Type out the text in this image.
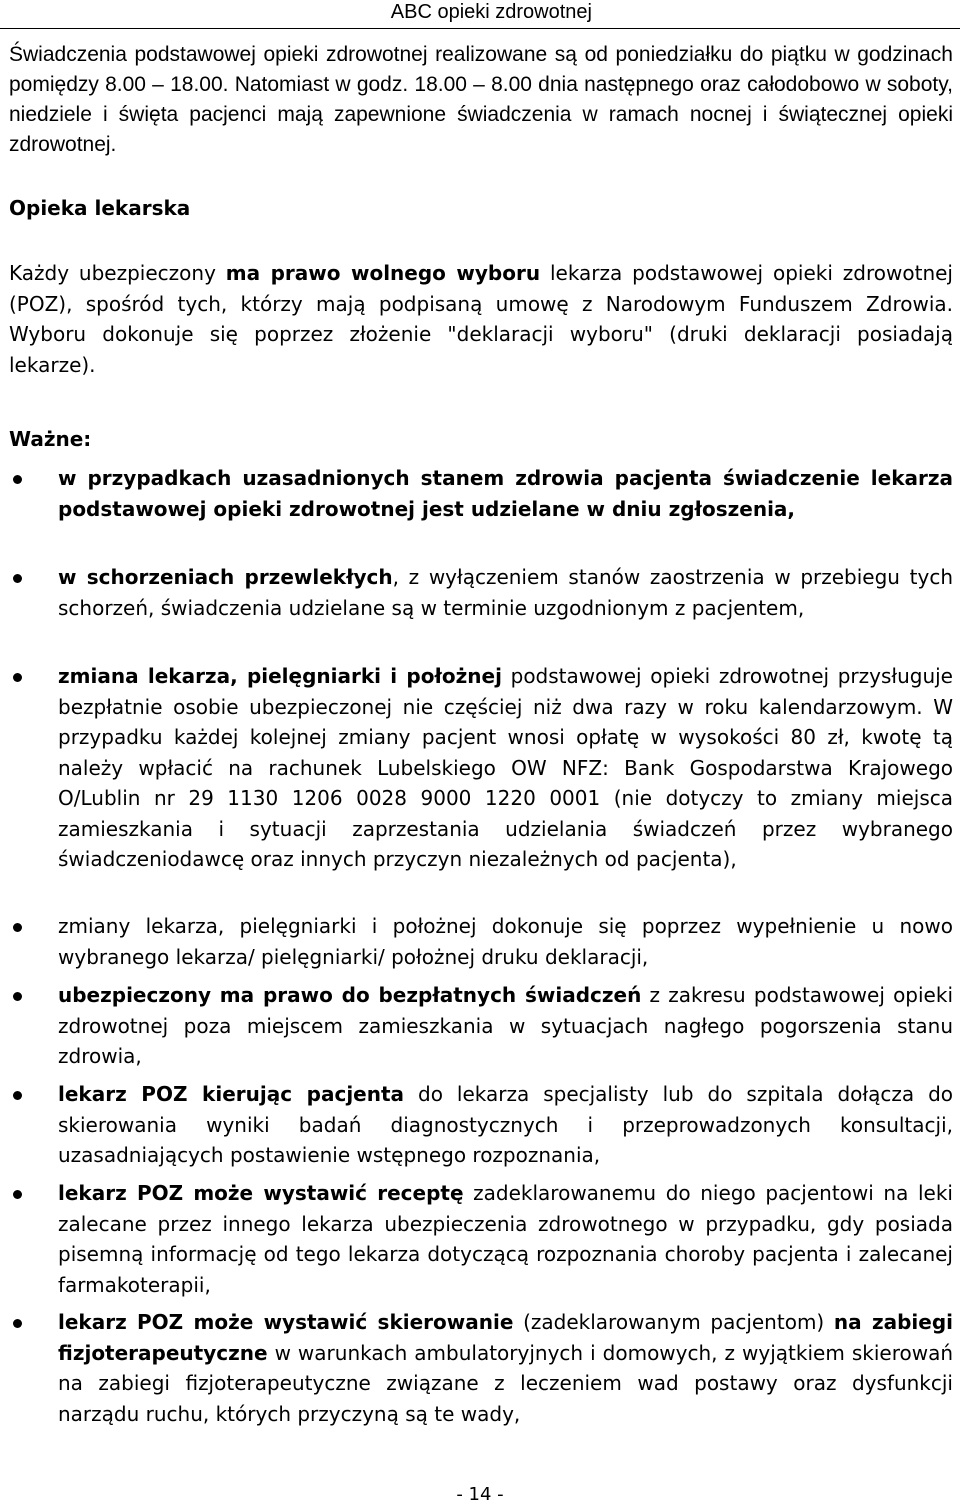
ABC opieki zdrowotnej

Świadczenia podstawowej opieki zdrowotnej realizowane są od poniedziałku do piątku w godzinach pomiędzy 8.00 – 18.00. Natomiast w godz. 18.00 – 8.00 dnia następnego oraz całodobowo w soboty, niedziele i święta pacjenci mają zapewnione świadczenia w ramach nocnej i świątecznej opieki zdrowotnej.

Opieka lekarska

Każdy ubezpieczony ma prawo wolnego wyboru lekarza podstawowej opieki zdrowotnej (POZ), spośród tych, którzy mają podpisaną umowę z Narodowym Funduszem Zdrowia. Wyboru dokonuje się poprzez złożenie "deklaracji wyboru" (druki deklaracji posiadają lekarze).

Ważne:

w przypadkach uzasadnionych stanem zdrowia pacjenta świadczenie lekarza podstawowej opieki zdrowotnej jest udzielane w dniu zgłoszenia,

w schorzeniach przewlekłych, z wyłączeniem stanów zaostrzenia w przebiegu tych schorzeń, świadczenia udzielane są w terminie uzgodnionym z pacjentem,

zmiana lekarza, pielęgniarki i położnej podstawowej opieki zdrowotnej przysługuje bezpłatnie osobie ubezpieczonej nie częściej niż dwa razy w roku kalendarzowym. W przypadku każdej kolejnej zmiany pacjent wnosi opłatę w wysokości 80 zł, kwotę tą należy wpłacić na rachunek Lubelskiego OW NFZ: Bank Gospodarstwa Krajowego O/Lublin nr 29 1130 1206 0028 9000 1220 0001 (nie dotyczy to zmiany miejsca zamieszkania i sytuacji zaprzestania udzielania świadczeń przez wybranego świadczeniodawcę oraz innych przyczyn niezależnych od pacjenta),

zmiany lekarza, pielęgniarki i położnej dokonuje się poprzez wypełnienie u nowo wybranego lekarza/ pielęgniarki/ położnej druku deklaracji,

ubezpieczony ma prawo do bezpłatnych świadczeń z zakresu podstawowej opieki zdrowotnej poza miejscem zamieszkania w sytuacjach nagłego pogorszenia stanu zdrowia,

lekarz POZ kierując pacjenta do lekarza specjalisty lub do szpitala dołącza do skierowania wyniki badań diagnostycznych i przeprowadzonych konsultacji, uzasadniających postawienie wstępnego rozpoznania,

lekarz POZ może wystawić receptę zadeklarowanemu do niego pacjentowi na leki zalecane przez innego lekarza ubezpieczenia zdrowotnego w przypadku, gdy posiada pisemną informację od tego lekarza dotyczącą rozpoznania choroby pacjenta i zalecanej farmakoterapii,

lekarz POZ może wystawić skierowanie (zadeklarowanym pacjentom) na zabiegi fizjoterapeutyczne w warunkach ambulatoryjnych i domowych, z wyjątkiem skierowań na zabiegi fizjoterapeutyczne związane z leczeniem wad postawy oraz dysfunkcji narządu ruchu, których przyczyną są te wady,

- 14 -
